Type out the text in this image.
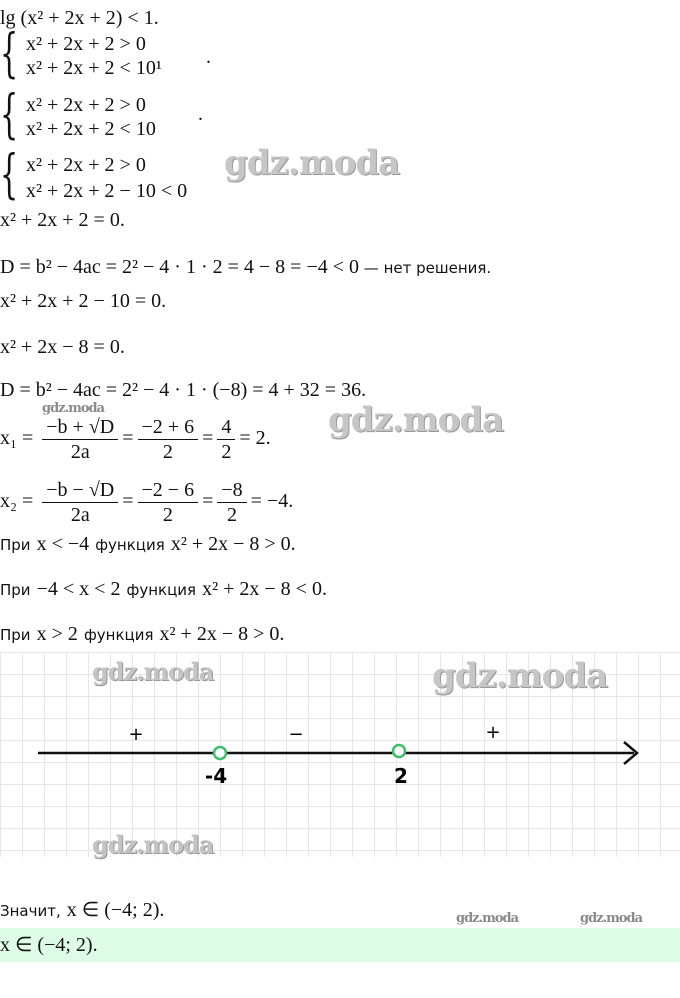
lg (x² + 2x + 2) < 1.
{ x² + 2x + 2 > 0
x² + 2x + 2 < 10¹ .
{ x² + 2x + 2 > 0
x² + 2x + 2 < 10
.
{ x² + 2x + 2 > 0
x² + 2x + 2 − 10 < 0
x² + 2x + 2 = 0.
D = b² − 4ac = 2² − 4 · 1 · 2 = 4 − 8 = −4 < 0 — нет решения.
x² + 2x + 2 − 10 = 0.
x² + 2x − 8 = 0.
D = b² − 4ac = 2² − 4 · 1 · (−8) = 4 + 32 = 36.
$x_1 = \frac{-b + √D}{2a} = \frac{-2 + 6}{2} = \frac{4}{2} = 2$.
$x_2 = \frac{-b - √D}{2a} = \frac{-2 - 6}{2} = \frac{-8}{2} = -4$.
При x < −4 функция x² + 2x − 8 > 0.
При −4 < x < 2 функция x² + 2x − 8 < 0.
При x > 2 функция x² + 2x − 8 > 0.
+	−	+
-4	2
Значит, x ∈ (−4; 2).
x ∈ (−4; 2).
gdz.moda
gdz.moda	gdz.moda
gdz.moda	gdz.moda
gdz.moda
gdz.moda	gdz.moda
